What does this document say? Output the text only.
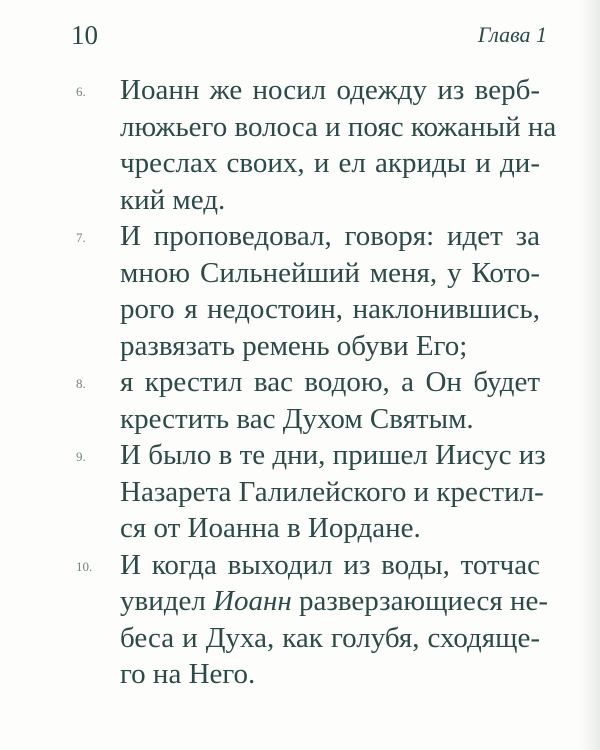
10	Глава 1
6. Иоанн же носил одежду из верб-
люжьего волоса и пояс кожаный на
чреслах своих, и ел акриды и ди-
кий мед.
7. И проповедовал, говоря: идет за
мною Сильнейший меня, у Кото-
рого я недостоин, наклонившись,
развязать ремень обуви Его;
8. я крестил вас водою, а Он будет
крестить вас Духом Святым.
9. И было в те дни, пришел Иисус из
Назарета Галилейского и крестил-
ся от Иоанна в Иордане.
10. И когда выходил из воды, тотчас
увидел Иоанн разверзающиеся не-
беса и Духа, как голубя, сходяще-
го на Него.
